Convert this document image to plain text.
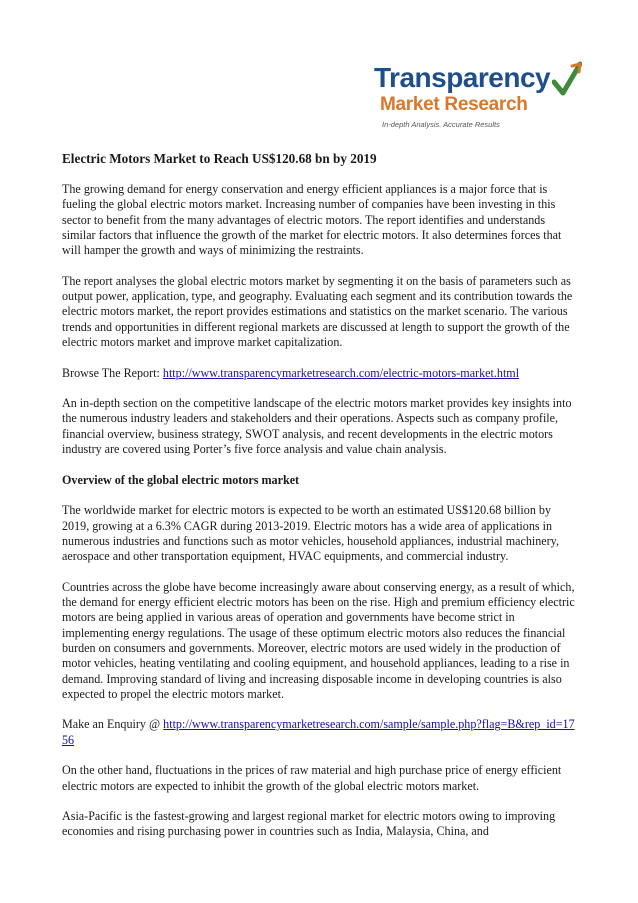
Transparency
Market Research
In-depth Analysis. Accurate Results
Electric Motors Market to Reach US$120.68 bn by 2019

The growing demand for energy conservation and energy efficient appliances is a major force that is fueling the global electric motors market. Increasing number of companies have been investing in this sector to benefit from the many advantages of electric motors. The report identifies and understands similar factors that influence the growth of the market for electric motors. It also determines forces that will hamper the growth and ways of minimizing the restraints.

The report analyses the global electric motors market by segmenting it on the basis of parameters such as output power, application, type, and geography. Evaluating each segment and its contribution towards the electric motors market, the report provides estimations and statistics on the market scenario. The various trends and opportunities in different regional markets are discussed at length to support the growth of the electric motors market and improve market capitalization.

Browse The Report: http://www.transparencymarketresearch.com/electric-motors-market.html

An in-depth section on the competitive landscape of the electric motors market provides key insights into the numerous industry leaders and stakeholders and their operations. Aspects such as company profile, financial overview, business strategy, SWOT analysis, and recent developments in the electric motors industry are covered using Porter’s five force analysis and value chain analysis.

Overview of the global electric motors market

The worldwide market for electric motors is expected to be worth an estimated US$120.68 billion by 2019, growing at a 6.3% CAGR during 2013-2019. Electric motors has a wide area of applications in numerous industries and functions such as motor vehicles, household appliances, industrial machinery, aerospace and other transportation equipment, HVAC equipments, and commercial industry.

Countries across the globe have become increasingly aware about conserving energy, as a result of which, the demand for energy efficient electric motors has been on the rise. High and premium efficiency electric motors are being applied in various areas of operation and governments have become strict in implementing energy regulations. The usage of these optimum electric motors also reduces the financial burden on consumers and governments. Moreover, electric motors are used widely in the production of motor vehicles, heating ventilating and cooling equipment, and household appliances, leading to a rise in demand. Improving standard of living and increasing disposable income in developing countries is also expected to propel the electric motors market.

Make an Enquiry @ http://www.transparencymarketresearch.com/sample/sample.php?flag=B&rep_id=1756

On the other hand, fluctuations in the prices of raw material and high purchase price of energy efficient electric motors are expected to inhibit the growth of the global electric motors market.

Asia-Pacific is the fastest-growing and largest regional market for electric motors owing to improving economies and rising purchasing power in countries such as India, Malaysia, China, and
